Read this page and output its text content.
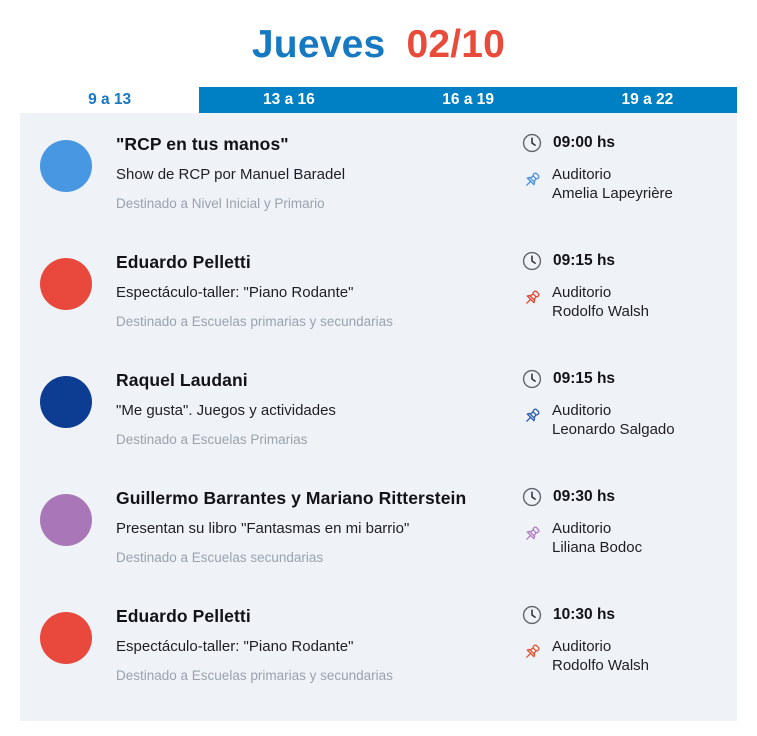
Jueves 02/10
9 a 13	13 a 16	16 a 19	19 a 22
"RCP en tus manos"
Show de RCP por Manuel Baradel
Destinado a Nivel Inicial y Primario
09:00 hs
Auditorio
Amelia Lapeyrière
Eduardo Pelletti
Espectáculo-taller: "Piano Rodante"
Destinado a Escuelas primarias y secundarias
09:15 hs
Auditorio
Rodolfo Walsh
Raquel Laudani
"Me gusta". Juegos y actividades
Destinado a Escuelas Primarias
09:15 hs
Auditorio
Leonardo Salgado
Guillermo Barrantes y Mariano Ritterstein
Presentan su libro "Fantasmas en mi barrio"
Destinado a Escuelas secundarias
09:30 hs
Auditorio
Liliana Bodoc
Eduardo Pelletti
Espectáculo-taller: "Piano Rodante"
Destinado a Escuelas primarias y secundarias
10:30 hs
Auditorio
Rodolfo Walsh
